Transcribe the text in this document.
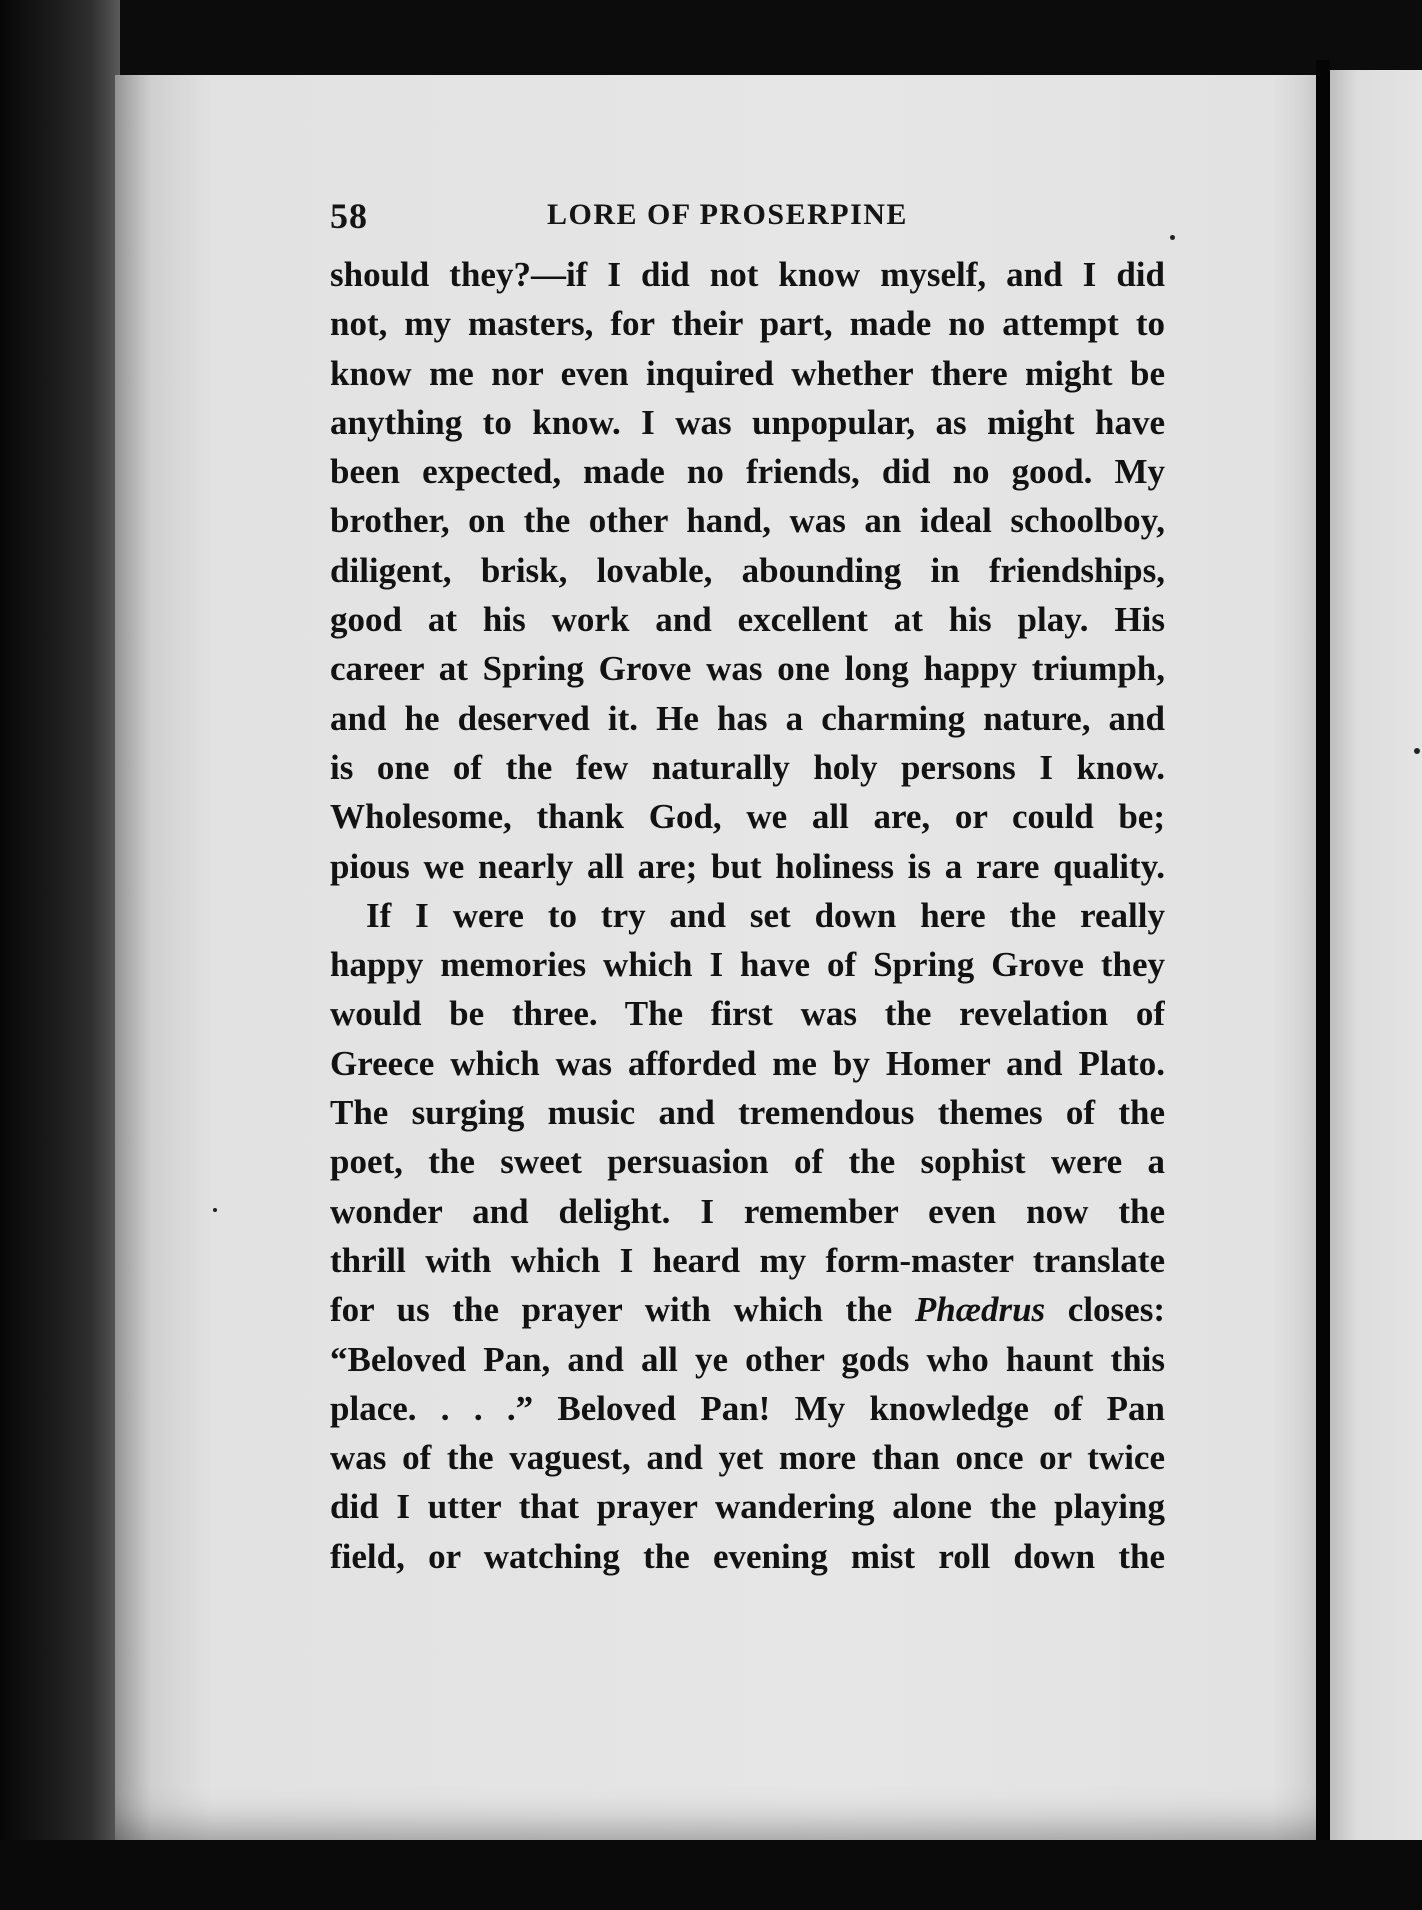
58	LORE OF PROSERPINE
should they?—if I did not know myself, and I did
not, my masters, for their part, made no attempt to
know me nor even inquired whether there might be
anything to know. I was unpopular, as might have
been expected, made no friends, did no good. My
brother, on the other hand, was an ideal schoolboy,
diligent, brisk, lovable, abounding in friendships,
good at his work and excellent at his play. His
career at Spring Grove was one long happy triumph,
and he deserved it. He has a charming nature, and
is one of the few naturally holy persons I know.
Wholesome, thank God, we all are, or could be;
pious we nearly all are; but holiness is a rare quality.
If I were to try and set down here the really
happy memories which I have of Spring Grove they
would be three. The first was the revelation of
Greece which was afforded me by Homer and Plato.
The surging music and tremendous themes of the
poet, the sweet persuasion of the sophist were a
wonder and delight. I remember even now the
thrill with which I heard my form-master translate
for us the prayer with which the Phædrus closes:
“Beloved Pan, and all ye other gods who haunt this
place. . . .” Beloved Pan! My knowledge of Pan
was of the vaguest, and yet more than once or twice
did I utter that prayer wandering alone the playing
field, or watching the evening mist roll down the
